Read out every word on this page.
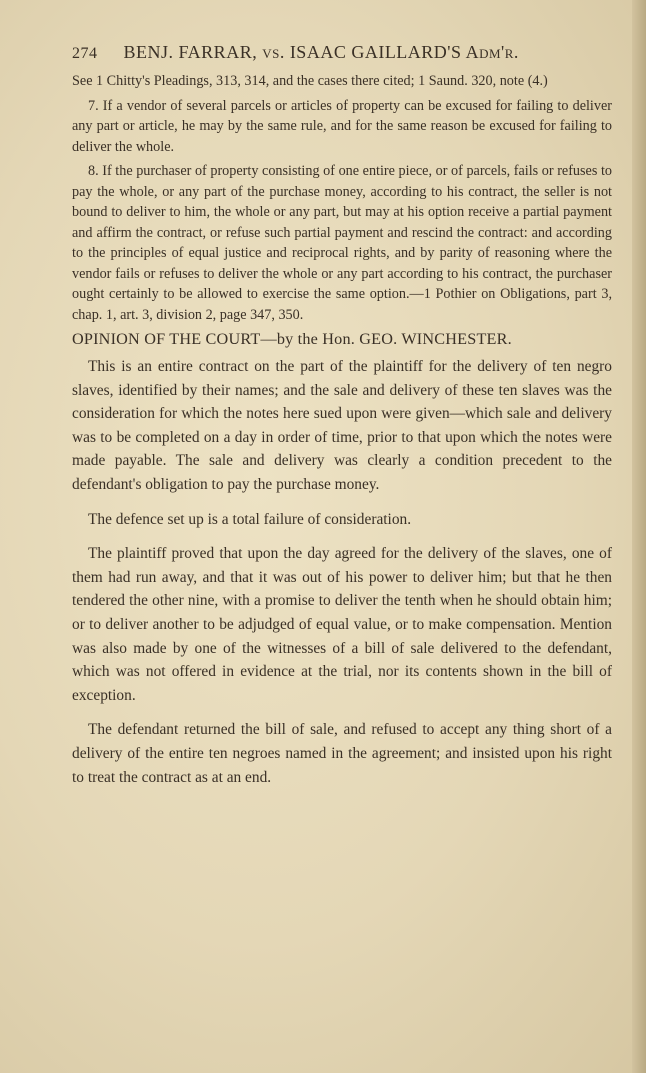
274 BENJ. FARRAR, vs. ISAAC GAILLARD'S Adm'r.

See 1 Chitty's Pleadings, 313, 314, and the cases there cited; 1 Saund. 320, note (4.)

7. If a vendor of several parcels or articles of property can be excused for failing to deliver any part or article, he may by the same rule, and for the same reason be excused for failing to deliver the whole.

8. If the purchaser of property consisting of one entire piece, or of parcels, fails or refuses to pay the whole, or any part of the purchase money, according to his contract, the seller is not bound to deliver to him, the whole or any part, but may at his option receive a partial payment and affirm the contract, or refuse such partial payment and rescind the contract: and according to the principles of equal justice and reciprocal rights, and by parity of reasoning where the vendor fails or refuses to deliver the whole or any part according to his contract, the purchaser ought certainly to be allowed to exercise the same option.—1 Pothier on Obligations, part 3, chap. 1, art. 3, division 2, page 347, 350.

OPINION OF THE COURT—by the Hon. GEO. WINCHESTER.

This is an entire contract on the part of the plaintiff for the delivery of ten negro slaves, identified by their names; and the sale and delivery of these ten slaves was the consideration for which the notes here sued upon were given—which sale and delivery was to be completed on a day in order of time, prior to that upon which the notes were made payable. The sale and delivery was clearly a condition precedent to the defendant's obligation to pay the purchase money.

The defence set up is a total failure of consideration.

The plaintiff proved that upon the day agreed for the delivery of the slaves, one of them had run away, and that it was out of his power to deliver him; but that he then tendered the other nine, with a promise to deliver the tenth when he should obtain him; or to deliver another to be adjudged of equal value, or to make compensation. Mention was also made by one of the witnesses of a bill of sale delivered to the defendant, which was not offered in evidence at the trial, nor its contents shown in the bill of exception.

The defendant returned the bill of sale, and refused to accept any thing short of a delivery of the entire ten negroes named in the agreement; and insisted upon his right to treat the contract as at an end.
